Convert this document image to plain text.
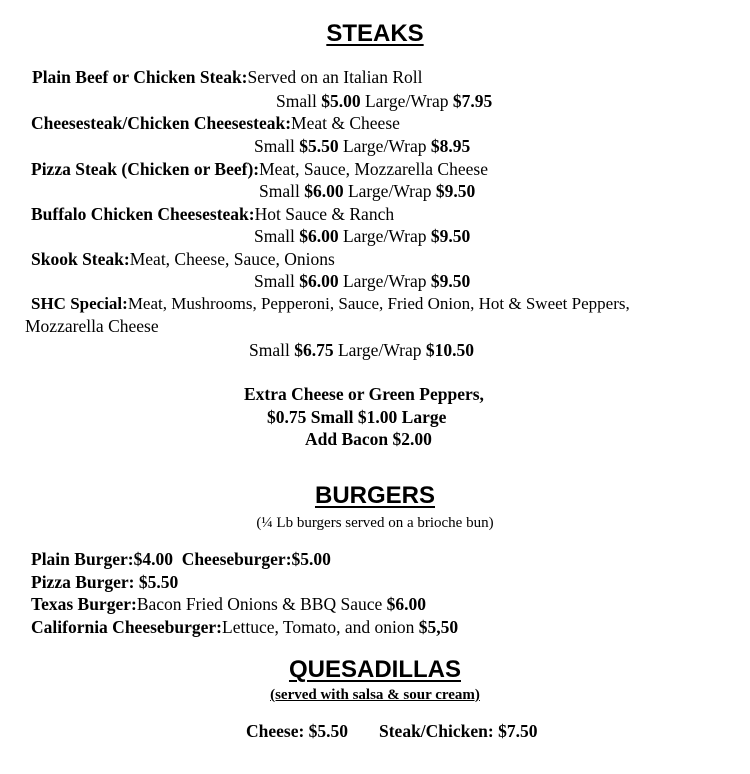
STEAKS
Plain Beef or Chicken Steak:Served on an Italian Roll
Small $5.00 Large/Wrap $7.95
Cheesesteak/Chicken Cheesesteak:Meat & Cheese
Small $5.50 Large/Wrap $8.95
Pizza Steak (Chicken or Beef):Meat, Sauce, Mozzarella Cheese
Small $6.00 Large/Wrap $9.50
Buffalo Chicken Cheesesteak:Hot Sauce & Ranch
Small $6.00 Large/Wrap $9.50
Skook Steak:Meat, Cheese, Sauce, Onions
Small $6.00 Large/Wrap $9.50
SHC Special:Meat, Mushrooms, Pepperoni, Sauce, Fried Onion, Hot & Sweet Peppers,
Mozzarella Cheese
Small $6.75 Large/Wrap $10.50
Extra Cheese or Green Peppers,
$0.75 Small $1.00 Large
Add Bacon $2.00
BURGERS
(¼ Lb burgers served on a brioche bun)
Plain Burger:$4.00 Cheeseburger:$5.00
Pizza Burger: $5.50
Texas Burger:Bacon Fried Onions & BBQ Sauce $6.00
California Cheeseburger:Lettuce, Tomato, and onion $5,50
QUESADILLAS
(served with salsa & sour cream)
Cheese: $5.50 Steak/Chicken: $7.50
